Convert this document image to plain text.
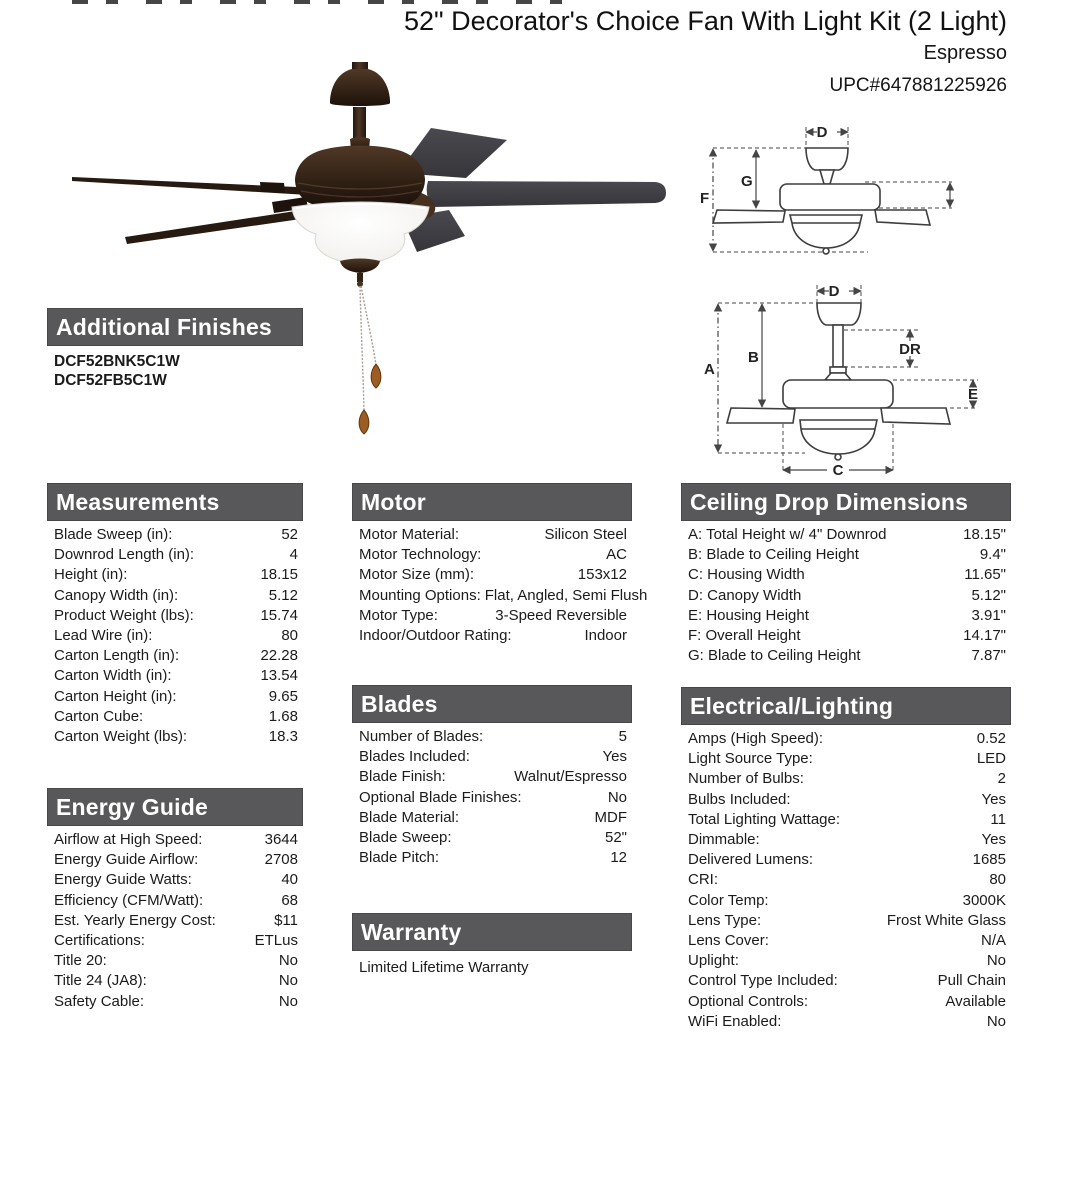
52" Decorator's Choice Fan With Light Kit (2 Light)
Espresso
UPC#647881225926
D
F
G
D
A
B	DR
E
C
Additional Finishes
DCF52BNK5C1W
DCF52FB5C1W
Measurements
Blade Sweep (in):	52
Downrod Length (in):	4
Height (in):	18.15
Canopy Width (in):	5.12
Product Weight (lbs):	15.74
Lead Wire (in):	80
Carton Length (in):	22.28
Carton Width (in):	13.54
Carton Height (in):	9.65
Carton Cube:	1.68
Carton Weight (lbs):	18.3
Energy Guide
Airflow at High Speed:	3644
Energy Guide Airflow:	2708
Energy Guide Watts:	40
Efficiency (CFM/Watt):	68
Est. Yearly Energy Cost:	$11
Certifications:	ETLus
Title 20:	No
Title 24 (JA8):	No
Safety Cable:	No
Motor
Motor Material:	Silicon Steel
Motor Technology:	AC
Motor Size (mm):	153x12
Mounting Options: Flat, Angled, Semi Flush
Motor Type:	3-Speed Reversible
Indoor/Outdoor Rating:	Indoor
Blades
Number of Blades:	5
Blades Included:	Yes
Blade Finish:	Walnut/Espresso
Optional Blade Finishes:	No
Blade Material:	MDF
Blade Sweep:	52"
Blade Pitch:	12
Warranty
Limited Lifetime Warranty
Ceiling Drop Dimensions
A: Total Height w/ 4" Downrod	18.15"
B: Blade to Ceiling Height	9.4"
C: Housing Width	11.65"
D: Canopy Width	5.12"
E: Housing Height	3.91"
F: Overall Height	14.17"
G: Blade to Ceiling Height	7.87"
Electrical/Lighting
Amps (High Speed):	0.52
Light Source Type:	LED
Number of Bulbs:	2
Bulbs Included:	Yes
Total Lighting Wattage:	11
Dimmable:	Yes
Delivered Lumens:	1685
CRI:	80
Color Temp:	3000K
Lens Type:	Frost White Glass
Lens Cover:	N/A
Uplight:	No
Control Type Included:	Pull Chain
Optional Controls:	Available
WiFi Enabled:	No
